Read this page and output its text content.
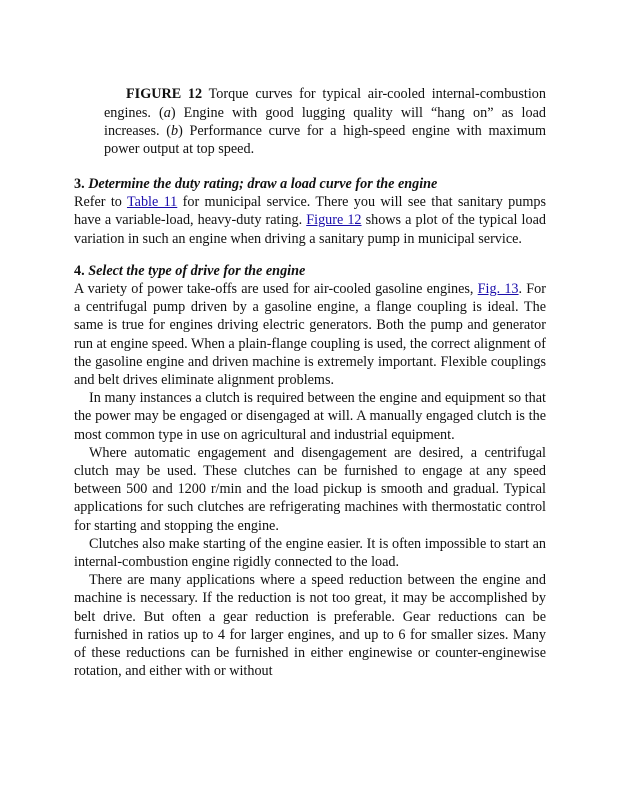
FIGURE 12 Torque curves for typical air-cooled internal-combustion engines. (a) Engine with good lugging quality will “hang on” as load increases. (b) Performance curve for a high-speed engine with maximum power output at top speed.

3. Determine the duty rating; draw a load curve for the engine

Refer to Table 11 for municipal service. There you will see that sanitary pumps have a variable-load, heavy-duty rating. Figure 12 shows a plot of the typical load variation in such an engine when driving a sanitary pump in municipal service.

4. Select the type of drive for the engine

A variety of power take-offs are used for air-cooled gasoline engines, Fig. 13. For a centrifugal pump driven by a gasoline engine, a flange coupling is ideal. The same is true for engines driving electric generators. Both the pump and generator run at engine speed. When a plain-flange coupling is used, the correct alignment of the gasoline engine and driven machine is extremely important. Flexible couplings and belt drives eliminate alignment problems.

In many instances a clutch is required between the engine and equipment so that the power may be engaged or disengaged at will. A manually engaged clutch is the most common type in use on agricultural and industrial equipment.

Where automatic engagement and disengagement are desired, a centrifugal clutch may be used. These clutches can be furnished to engage at any speed between 500 and 1200 r/min and the load pickup is smooth and gradual. Typical applications for such clutches are refrigerating machines with thermostatic control for starting and stopping the engine.

Clutches also make starting of the engine easier. It is often impossible to start an internal-combustion engine rigidly connected to the load.

There are many applications where a speed reduction between the engine and machine is necessary. If the reduction is not too great, it may be accomplished by belt drive. But often a gear reduction is preferable. Gear reductions can be furnished in ratios up to 4 for larger engines, and up to 6 for smaller sizes. Many of these reductions can be furnished in either enginewise or counter-enginewise rotation, and either with or without
